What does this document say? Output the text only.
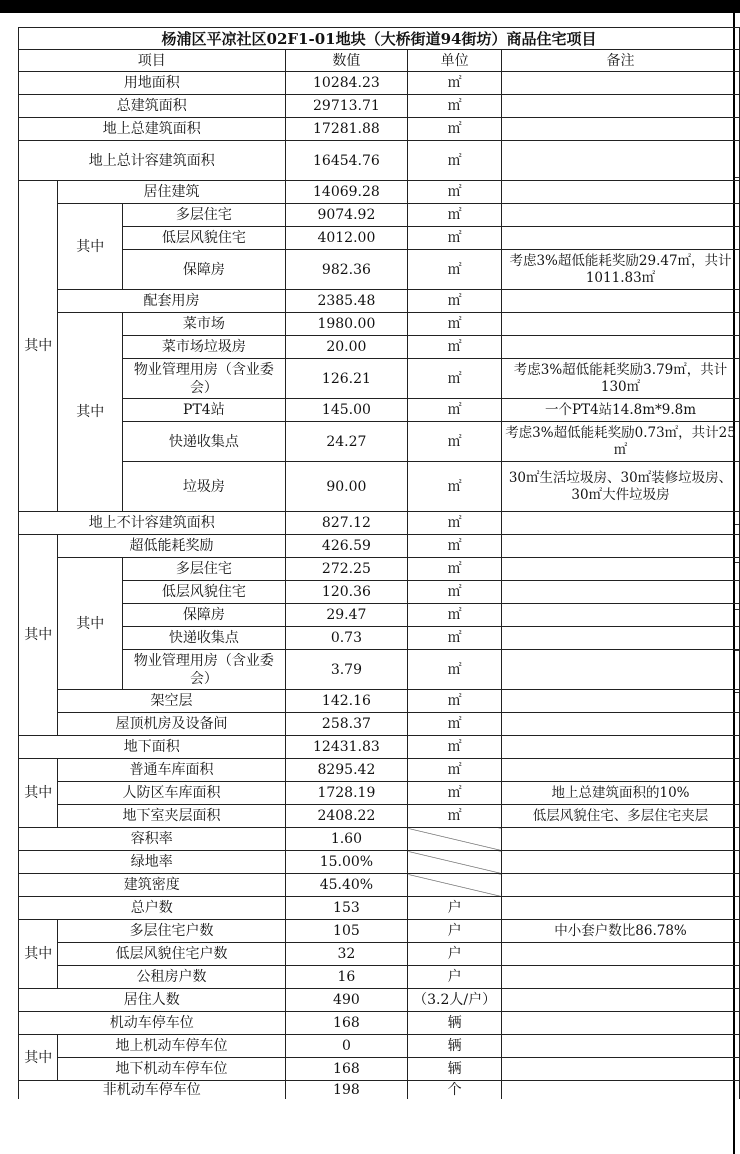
杨浦区平凉社区02F1-01地块（大桥街道94街坊）商品住宅项目					
项目			数值	单位	备注
用地面积			10284.23	㎡	
总建筑面积			29713.71	㎡	
地上总建筑面积			17281.88	㎡	
地上总计容建筑面积			16454.76	㎡	
其中	居住建筑		14069.28	㎡	
	其中	多层住宅	9074.92	㎡	
		低层风貌住宅	4012.00	㎡	
		保障房	982.36	㎡	考虑3%超低能耗奖励29.47㎡，共计1011.83㎡
	配套用房		2385.48	㎡	
	其中	菜市场	1980.00	㎡	
		菜市场垃圾房	20.00	㎡	
		物业管理用房（含业委会）	126.21	㎡	考虑3%超低能耗奖励3.79㎡，共计130㎡
		PT4站	145.00	㎡	一个PT4站14.8m*9.8m
		快递收集点	24.27	㎡	考虑3%超低能耗奖励0.73㎡，共计25㎡
		垃圾房	90.00	㎡	30㎡生活垃圾房、30㎡装修垃圾房、30㎡大件垃圾房
地上不计容建筑面积			827.12	㎡	
其中	超低能耗奖励		426.59	㎡	
	其中	多层住宅	272.25	㎡	
		低层风貌住宅	120.36	㎡	
		保障房	29.47	㎡	
		快递收集点	0.73	㎡	
		物业管理用房（含业委会）	3.79	㎡	
	架空层		142.16	㎡	
	屋顶机房及设备间		258.37	㎡	
地下面积			12431.83	㎡	
其中	普通车库面积		8295.42	㎡	
	人防区车库面积		1728.19	㎡	地上总建筑面积的10%
	地下室夹层面积		2408.22	㎡	低层风貌住宅、多层住宅夹层
容积率			1.60		
绿地率			15.00%		
建筑密度			45.40%		
总户数			153	户	
其中	多层住宅户数		105	户	中小套户数比86.78%
	低层风貌住宅户数		32	户	
	公租房户数		16	户	
居住人数			490	（3.2人/户）	
机动车停车位			168	辆	
其中	地上机动车停车位		0	辆	
	地下机动车停车位		168	辆	
非机动车停车位			198	个	
